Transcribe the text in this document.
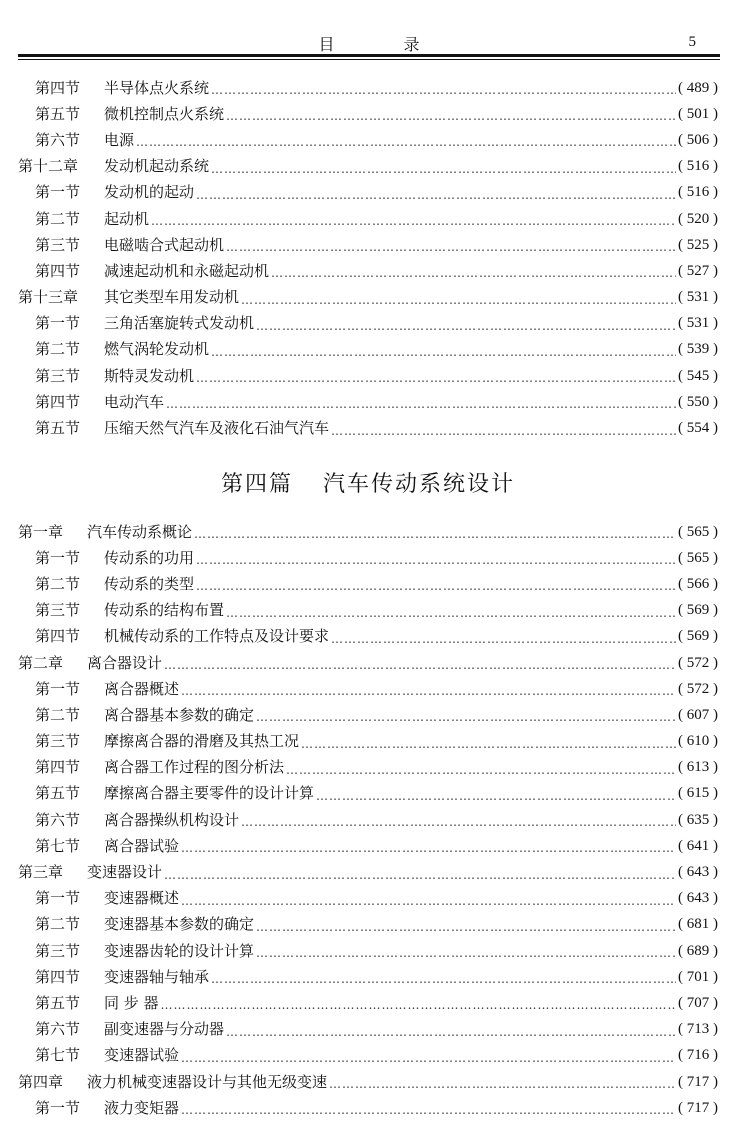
目 录	5
第四节	半导体点火系统 ……………………………………………………………………………………………………………………………………………………………………………………………………	( 489 )
第五节	微机控制点火系统 ……………………………………………………………………………………………………………………………………………………………………………………………………	( 501 )
第六节	电源 ……………………………………………………………………………………………………………………………………………………………………………………………………	( 506 )
第十二章	发动机起动系统 ……………………………………………………………………………………………………………………………………………………………………………………………………	( 516 )
第一节	发动机的起动 ……………………………………………………………………………………………………………………………………………………………………………………………………	( 516 )
第二节	起动机 ……………………………………………………………………………………………………………………………………………………………………………………………………	( 520 )
第三节	电磁啮合式起动机 ……………………………………………………………………………………………………………………………………………………………………………………………………	( 525 )
第四节	减速起动机和永磁起动机 ……………………………………………………………………………………………………………………………………………………………………………………………………	( 527 )
第十三章	其它类型车用发动机 ……………………………………………………………………………………………………………………………………………………………………………………………………	( 531 )
第一节	三角活塞旋转式发动机 ……………………………………………………………………………………………………………………………………………………………………………………………………	( 531 )
第二节	燃气涡轮发动机 ……………………………………………………………………………………………………………………………………………………………………………………………………	( 539 )
第三节	斯特灵发动机 ……………………………………………………………………………………………………………………………………………………………………………………………………	( 545 )
第四节	电动汽车 ……………………………………………………………………………………………………………………………………………………………………………………………………	( 550 )
第五节	压缩天然气汽车及液化石油气汽车 ……………………………………………………………………………………………………………………………………………………………………………………………………	( 554 )
第四篇 汽车传动系统设计
第一章	汽车传动系概论 ……………………………………………………………………………………………………………………………………………………………………………………………………	( 565 )
第一节	传动系的功用 ……………………………………………………………………………………………………………………………………………………………………………………………………	( 565 )
第二节	传动系的类型 ……………………………………………………………………………………………………………………………………………………………………………………………………	( 566 )
第三节	传动系的结构布置 ……………………………………………………………………………………………………………………………………………………………………………………………………	( 569 )
第四节	机械传动系的工作特点及设计要求 ……………………………………………………………………………………………………………………………………………………………………………………………………	( 569 )
第二章	离合器设计 ……………………………………………………………………………………………………………………………………………………………………………………………………	( 572 )
第一节	离合器概述 ……………………………………………………………………………………………………………………………………………………………………………………………………	( 572 )
第二节	离合器基本参数的确定 ……………………………………………………………………………………………………………………………………………………………………………………………………	( 607 )
第三节	摩擦离合器的滑磨及其热工况 ……………………………………………………………………………………………………………………………………………………………………………………………………	( 610 )
第四节	离合器工作过程的图分析法 ……………………………………………………………………………………………………………………………………………………………………………………………………	( 613 )
第五节	摩擦离合器主要零件的设计计算 ……………………………………………………………………………………………………………………………………………………………………………………………………	( 615 )
第六节	离合器操纵机构设计 ……………………………………………………………………………………………………………………………………………………………………………………………………	( 635 )
第七节	离合器试验 ……………………………………………………………………………………………………………………………………………………………………………………………………	( 641 )
第三章	变速器设计 ……………………………………………………………………………………………………………………………………………………………………………………………………	( 643 )
第一节	变速器概述 ……………………………………………………………………………………………………………………………………………………………………………………………………	( 643 )
第二节	变速器基本参数的确定 ……………………………………………………………………………………………………………………………………………………………………………………………………	( 681 )
第三节	变速器齿轮的设计计算 ……………………………………………………………………………………………………………………………………………………………………………………………………	( 689 )
第四节	变速器轴与轴承 ……………………………………………………………………………………………………………………………………………………………………………………………………	( 701 )
第五节	同 步 器 ……………………………………………………………………………………………………………………………………………………………………………………………………	( 707 )
第六节	副变速器与分动器 ……………………………………………………………………………………………………………………………………………………………………………………………………	( 713 )
第七节	变速器试验 ……………………………………………………………………………………………………………………………………………………………………………………………………	( 716 )
第四章	液力机械变速器设计与其他无级变速 ……………………………………………………………………………………………………………………………………………………………………………………………………	( 717 )
第一节	液力变矩器 ……………………………………………………………………………………………………………………………………………………………………………………………………	( 717 )
